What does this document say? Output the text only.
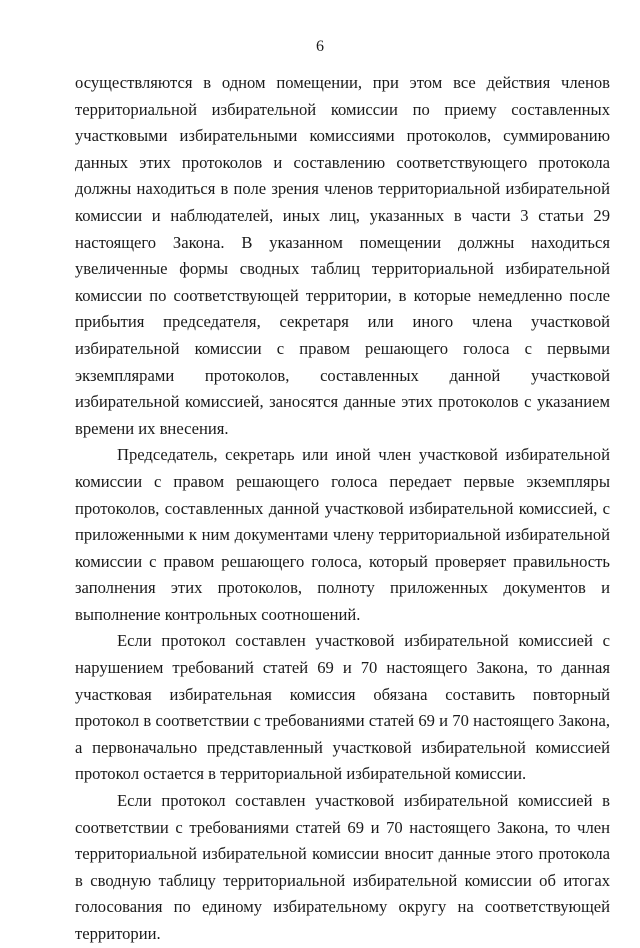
6

осуществляются в одном помещении, при этом все действия членов территориальной избирательной комиссии по приему составленных участковыми избирательными комиссиями протоколов, суммированию данных этих протоколов и составлению соответствующего протокола должны находиться в поле зрения членов территориальной избирательной комиссии и наблюдателей, иных лиц, указанных в части 3 статьи 29 настоящего Закона. В указанном помещении должны находиться увеличенные формы сводных таблиц территориальной избирательной комиссии по соответствующей территории, в которые немедленно после прибытия председателя, секретаря или иного члена участковой избирательной комиссии с правом решающего голоса с первыми экземплярами протоколов, составленных данной участковой избирательной комиссией, заносятся данные этих протоколов с указанием времени их внесения.

Председатель, секретарь или иной член участковой избирательной комиссии с правом решающего голоса передает первые экземпляры протоколов, составленных данной участковой избирательной комиссией, с приложенными к ним документами члену территориальной избирательной комиссии с правом решающего голоса, который проверяет правильность заполнения этих протоколов, полноту приложенных документов и выполнение контрольных соотношений.

Если протокол составлен участковой избирательной комиссией с нарушением требований статей 69 и 70 настоящего Закона, то данная участковая избирательная комиссия обязана составить повторный протокол в соответствии с требованиями статей 69 и 70 настоящего Закона, а первоначально представленный участковой избирательной комиссией протокол остается в территориальной избирательной комиссии.

Если протокол составлен участковой избирательной комиссией в соответствии с требованиями статей 69 и 70 настоящего Закона, то член территориальной избирательной комиссии вносит данные этого протокола в сводную таблицу территориальной избирательной комиссии об итогах голосования по единому избирательному округу на соответствующей территории.
